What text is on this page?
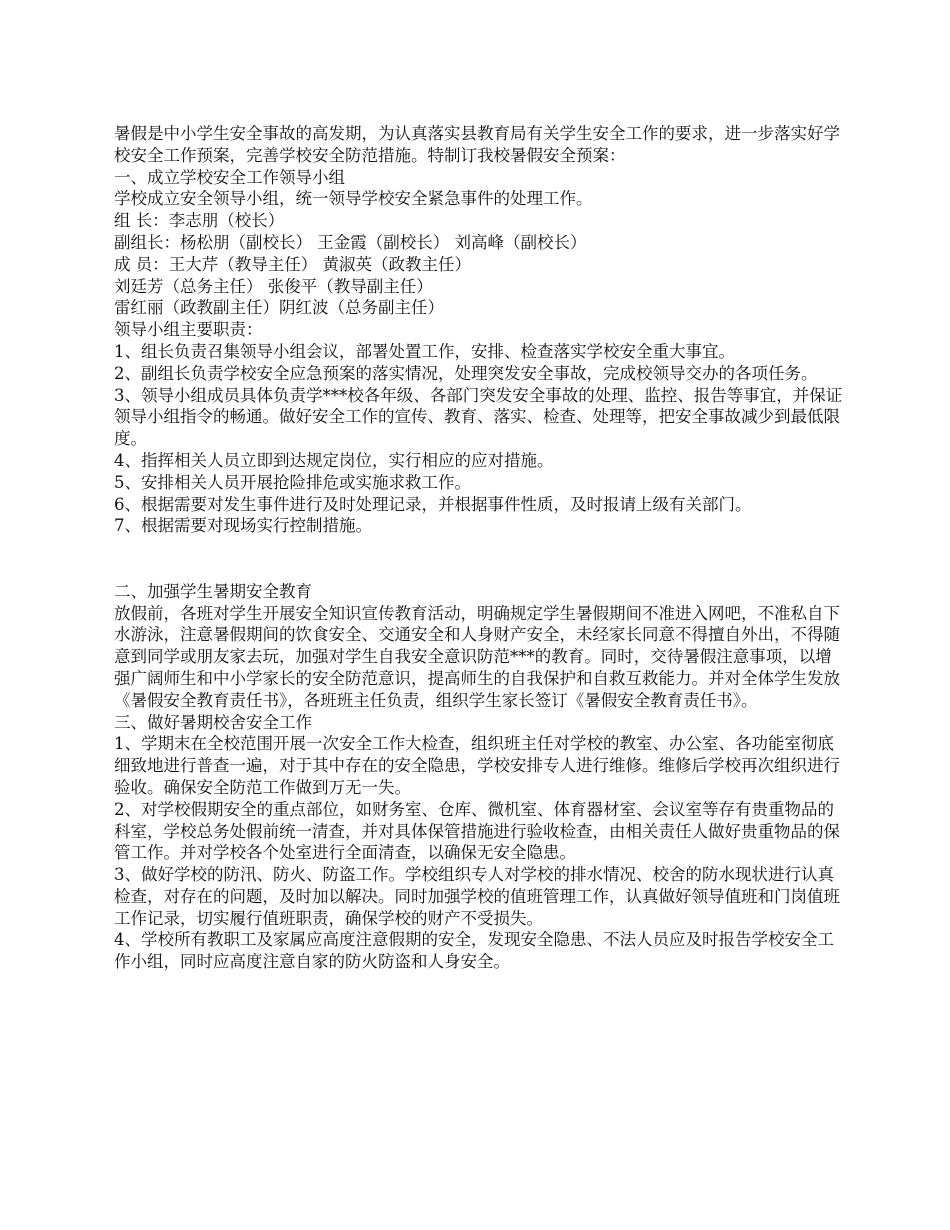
暑假是中小学生安全事故的高发期，为认真落实县教育局有关学生安全工作的要求，进一步落实好学校安全工作预案，完善学校安全防范措施。特制订我校暑假安全预案：

一、成立学校安全工作领导小组

学校成立安全领导小组，统一领导学校安全紧急事件的处理工作。

组 长：李志朋（校长）

副组长：杨松朋（副校长） 王金霞（副校长） 刘高峰（副校长）

成 员：王大芹（教导主任） 黄淑英（政教主任）

刘廷芳（总务主任） 张俊平（教导副主任）

雷红丽（政教副主任）阴红波（总务副主任）

领导小组主要职责：

1、组长负责召集领导小组会议，部署处置工作，安排、检查落实学校安全重大事宜。

2、副组长负责学校安全应急预案的落实情况，处理突发安全事故，完成校领导交办的各项任务。

3、领导小组成员具体负责学***校各年级、各部门突发安全事故的处理、监控、报告等事宜，并保证领导小组指令的畅通。做好安全工作的宣传、教育、落实、检查、处理等，把安全事故减少到最低限度。

4、指挥相关人员立即到达规定岗位，实行相应的应对措施。

5、安排相关人员开展抢险排危或实施求救工作。

6、根据需要对发生事件进行及时处理记录，并根据事件性质，及时报请上级有关部门。

7、根据需要对现场实行控制措施。

二、加强学生暑期安全教育

放假前，各班对学生开展安全知识宣传教育活动，明确规定学生暑假期间不准进入网吧，不准私自下水游泳，注意暑假期间的饮食安全、交通安全和人身财产安全，未经家长同意不得擅自外出，不得随意到同学或朋友家去玩，加强对学生自我安全意识防范***的教育。同时，交待暑假注意事项，以增强广阔师生和中小学家长的安全防范意识，提高师生的自我保护和自救互救能力。并对全体学生发放《暑假安全教育责任书》，各班班主任负责，组织学生家长签订《暑假安全教育责任书》。

三、做好暑期校舍安全工作

1、学期末在全校范围开展一次安全工作大检查，组织班主任对学校的教室、办公室、各功能室彻底细致地进行普查一遍，对于其中存在的安全隐患，学校安排专人进行维修。维修后学校再次组织进行验收。确保安全防范工作做到万无一失。

2、对学校假期安全的重点部位，如财务室、仓库、微机室、体育器材室、会议室等存有贵重物品的科室，学校总务处假前统一清查，并对具体保管措施进行验收检查，由相关责任人做好贵重物品的保管工作。并对学校各个处室进行全面清查，以确保无安全隐患。

3、做好学校的防汛、防火、防盗工作。学校组织专人对学校的排水情况、校舍的防水现状进行认真检查，对存在的问题，及时加以解决。同时加强学校的值班管理工作，认真做好领导值班和门岗值班工作记录，切实履行值班职责，确保学校的财产不受损失。

4、学校所有教职工及家属应高度注意假期的安全，发现安全隐患、不法人员应及时报告学校安全工作小组，同时应高度注意自家的防火防盗和人身安全。
